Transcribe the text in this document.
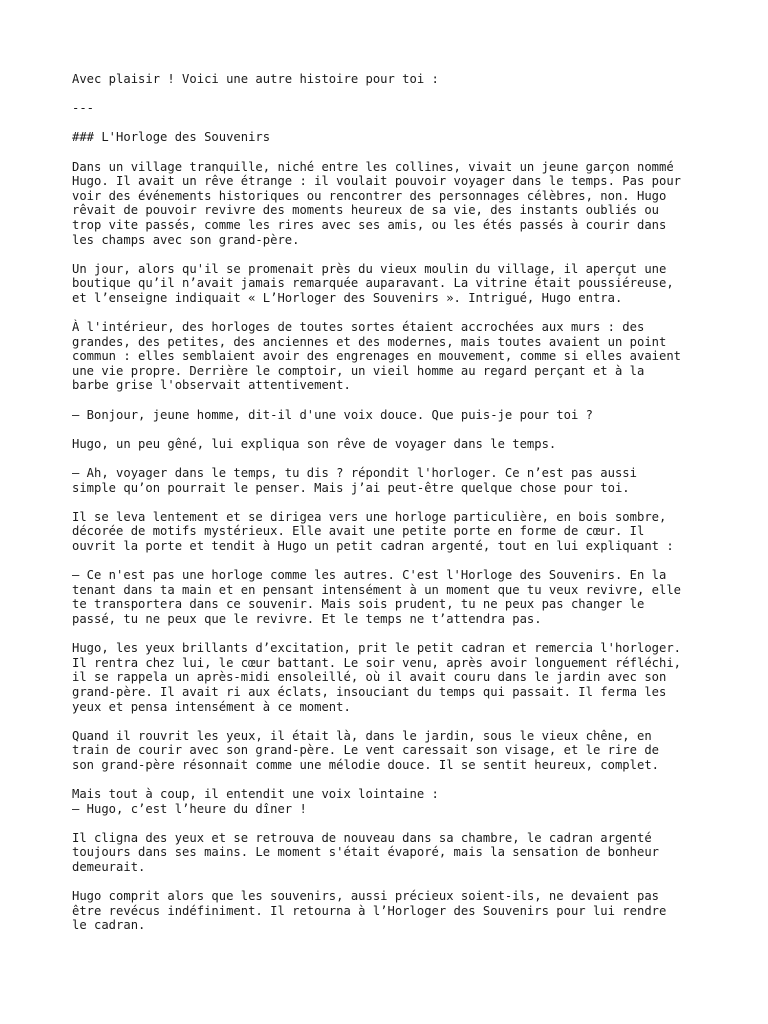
Avec plaisir ! Voici une autre histoire pour toi :

---

### L'Horloge des Souvenirs

Dans un village tranquille, niché entre les collines, vivait un jeune garçon nommé
Hugo. Il avait un rêve étrange : il voulait pouvoir voyager dans le temps. Pas pour
voir des événements historiques ou rencontrer des personnages célèbres, non. Hugo
rêvait de pouvoir revivre des moments heureux de sa vie, des instants oubliés ou
trop vite passés, comme les rires avec ses amis, ou les étés passés à courir dans
les champs avec son grand-père.

Un jour, alors qu'il se promenait près du vieux moulin du village, il aperçut une
boutique qu’il n’avait jamais remarquée auparavant. La vitrine était poussiéreuse,
et l’enseigne indiquait « L’Horloger des Souvenirs ». Intrigué, Hugo entra.

À l'intérieur, des horloges de toutes sortes étaient accrochées aux murs : des
grandes, des petites, des anciennes et des modernes, mais toutes avaient un point
commun : elles semblaient avoir des engrenages en mouvement, comme si elles avaient
une vie propre. Derrière le comptoir, un vieil homme au regard perçant et à la
barbe grise l'observait attentivement.

– Bonjour, jeune homme, dit-il d'une voix douce. Que puis-je pour toi ?

Hugo, un peu gêné, lui expliqua son rêve de voyager dans le temps.

– Ah, voyager dans le temps, tu dis ? répondit l'horloger. Ce n’est pas aussi
simple qu’on pourrait le penser. Mais j’ai peut-être quelque chose pour toi.

Il se leva lentement et se dirigea vers une horloge particulière, en bois sombre,
décorée de motifs mystérieux. Elle avait une petite porte en forme de cœur. Il
ouvrit la porte et tendit à Hugo un petit cadran argenté, tout en lui expliquant :

– Ce n'est pas une horloge comme les autres. C'est l'Horloge des Souvenirs. En la
tenant dans ta main et en pensant intensément à un moment que tu veux revivre, elle
te transportera dans ce souvenir. Mais sois prudent, tu ne peux pas changer le
passé, tu ne peux que le revivre. Et le temps ne t’attendra pas.

Hugo, les yeux brillants d’excitation, prit le petit cadran et remercia l'horloger.
Il rentra chez lui, le cœur battant. Le soir venu, après avoir longuement réfléchi,
il se rappela un après-midi ensoleillé, où il avait couru dans le jardin avec son
grand-père. Il avait ri aux éclats, insouciant du temps qui passait. Il ferma les
yeux et pensa intensément à ce moment.

Quand il rouvrit les yeux, il était là, dans le jardin, sous le vieux chêne, en
train de courir avec son grand-père. Le vent caressait son visage, et le rire de
son grand-père résonnait comme une mélodie douce. Il se sentit heureux, complet.

Mais tout à coup, il entendit une voix lointaine :
– Hugo, c’est l’heure du dîner !

Il cligna des yeux et se retrouva de nouveau dans sa chambre, le cadran argenté
toujours dans ses mains. Le moment s'était évaporé, mais la sensation de bonheur
demeurait.

Hugo comprit alors que les souvenirs, aussi précieux soient-ils, ne devaient pas
être revécus indéfiniment. Il retourna à l’Horloger des Souvenirs pour lui rendre
le cadran.
